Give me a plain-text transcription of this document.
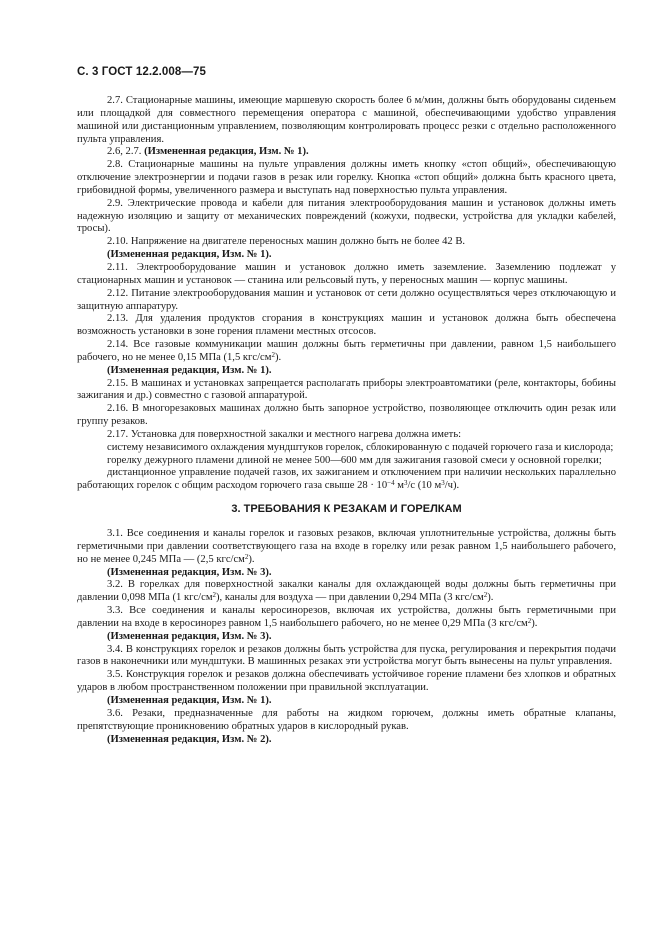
С. 3 ГОСТ 12.2.008—75

2.7. Стационарные машины, имеющие маршевую скорость более 6 м/мин, должны быть оборудованы сиденьем или площадкой для совместного перемещения оператора с машиной, обеспечивающими удобство управления машиной или дистанционным управлением, позволяющим контролировать процесс резки с отдельно расположенного пульта управления.

2.6, 2.7. (Измененная редакция, Изм. № 1).

2.8. Стационарные машины на пульте управления должны иметь кнопку «стоп общий», обеспечивающую отключение электроэнергии и подачи газов в резак или горелку. Кнопка «стоп общий» должна быть красного цвета, грибовидной формы, увеличенного размера и выступать над поверхностью пульта управления.

2.9. Электрические провода и кабели для питания электрооборудования машин и установок должны иметь надежную изоляцию и защиту от механических повреждений (кожухи, подвески, устройства для укладки кабелей, тросы).

2.10. Напряжение на двигателе переносных машин должно быть не более 42 В.

(Измененная редакция, Изм. № 1).

2.11. Электрооборудование машин и установок должно иметь заземление. Заземлению подлежат у стационарных машин и установок — станина или рельсовый путь, у переносных машин — корпус машины.

2.12. Питание электрооборудования машин и установок от сети должно осуществляться через отключающую и защитную аппаратуру.

2.13. Для удаления продуктов сгорания в конструкциях машин и установок должна быть обеспечена возможность установки в зоне горения пламени местных отсосов.

2.14. Все газовые коммуникации машин должны быть герметичны при давлении, равном 1,5 наибольшего рабочего, но не менее 0,15 МПа (1,5 кгс/$см^2$).

(Измененная редакция, Изм. № 1).

2.15. В машинах и установках запрещается располагать приборы электроавтоматики (реле, контакторы, бобины зажигания и др.) совместно с газовой аппаратурой.

2.16. В многорезаковых машинах должно быть запорное устройство, позволяющее отключить один резак или группу резаков.

2.17. Установка для поверхностной закалки и местного нагрева должна иметь:

систему независимого охлаждения мундштуков горелок, сблокированную с подачей горючего газа и кислорода;

горелку дежурного пламени длиной не менее 500—600 мм для зажигания газовой смеси у основной горелки;

дистанционное управление подачей газов, их зажиганием и отключением при наличии нескольких параллельно работающих горелок с общим расходом горючего газа свыше $28 \cdot 10^{-4}$ $м^3/с$ (10 $м^3/ч$).

3. ТРЕБОВАНИЯ К РЕЗАКАМ И ГОРЕЛКАМ

3.1. Все соединения и каналы горелок и газовых резаков, включая уплотнительные устройства, должны быть герметичными при давлении соответствующего газа на входе в горелку или резак равном 1,5 наибольшего рабочего, но не менее 0,245 МПа — (2,5 кгс/$см^2$).

(Измененная редакция, Изм. № 3).

3.2. В горелках для поверхностной закалки каналы для охлаждающей воды должны быть герметичны при давлении 0,098 МПа (1 кгс/$см^2$), каналы для воздуха — при давлении 0,294 МПа (3 кгс/$см^2$).

3.3. Все соединения и каналы керосинорезов, включая их устройства, должны быть герметичными при давлении на входе в керосинорез равном 1,5 наибольшего рабочего, но не менее 0,29 МПа (3 кгс/$см^2$).

(Измененная редакция, Изм. № 3).

3.4. В конструкциях горелок и резаков должны быть устройства для пуска, регулирования и перекрытия подачи газов в наконечники или мундштуки. В машинных резаках эти устройства могут быть вынесены на пульт управления.

3.5. Конструкция горелок и резаков должна обеспечивать устойчивое горение пламени без хлопков и обратных ударов в любом пространственном положении при правильной эксплуатации.

(Измененная редакция, Изм. № 1).

3.6. Резаки, предназначенные для работы на жидком горючем, должны иметь обратные клапаны, препятствующие проникновению обратных ударов в кислородный рукав.

(Измененная редакция, Изм. № 2).
